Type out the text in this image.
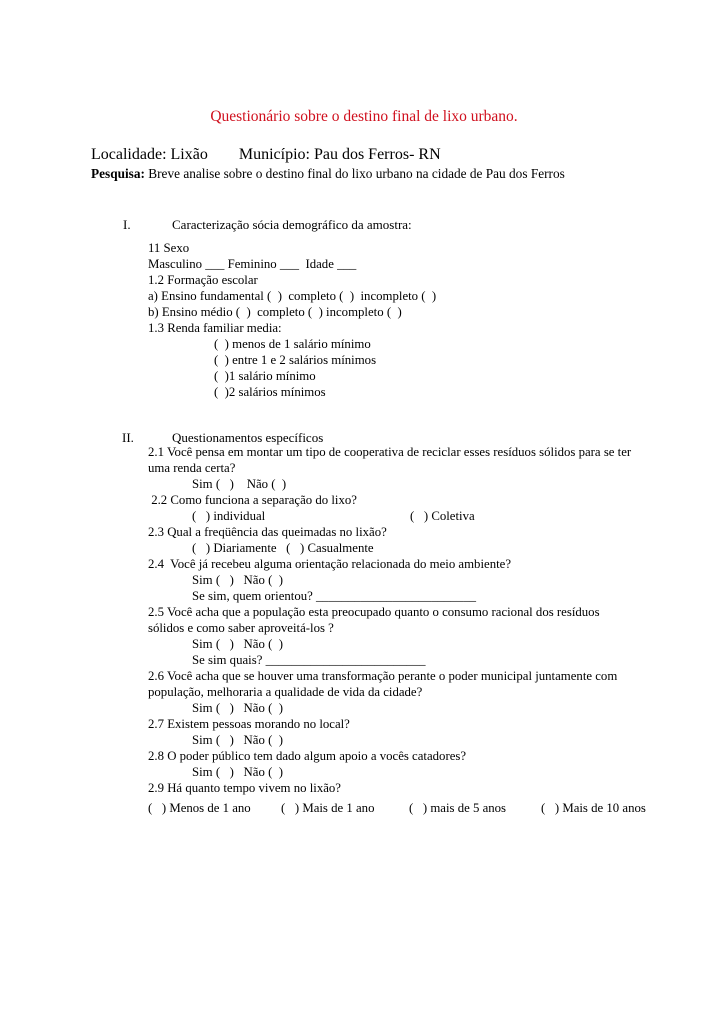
Questionário sobre o destino final de lixo urbano.
Localidade: Lixão Município: Pau dos Ferros- RN
Pesquisa: Breve analise sobre o destino final do lixo urbano na cidade de Pau dos Ferros
I.	Caracterização sócia demográfico da amostra:
11 Sexo
Masculino ___ Feminino ___  Idade ___
1.2 Formação escolar
a) Ensino fundamental (  )  completo (  )  incompleto (  )
b) Ensino médio (  )  completo (  ) incompleto (  )
1.3 Renda familiar media:
(  ) menos de 1 salário mínimo
(  ) entre 1 e 2 salários mínimos
(  )1 salário mínimo
(  )2 salários mínimos
II.	Questionamentos específicos
2.1 Você pensa em montar um tipo de cooperativa de reciclar esses resíduos sólidos para se ter
uma renda certa?
Sim (   )    Não (  )
2.2 Como funciona a separação do lixo?
(   ) individual	(   ) Coletiva
2.3 Qual a freqüência das queimadas no lixão?
(   ) Diariamente   (   ) Casualmente
2.4  Você já recebeu alguma orientação relacionada do meio ambiente?
Sim (   )   Não (  )
Se sim, quem orientou? _________________________
2.5 Você acha que a população esta preocupado quanto o consumo racional dos resíduos
sólidos e como saber aproveitá-los ?
Sim (   )   Não (  )
Se sim quais? _________________________
2.6 Você acha que se houver uma transformação perante o poder municipal juntamente com
população, melhoraria a qualidade de vida da cidade?
Sim (   )   Não (  )
2.7 Existem pessoas morando no local?
Sim (   )   Não (  )
2.8 O poder público tem dado algum apoio a vocês catadores?
Sim (   )   Não (  )
2.9 Há quanto tempo vivem no lixão?
(   ) Menos de 1 ano (   ) Mais de 1 ano	(   ) mais de 5 anos	(   ) Mais de 10 anos
